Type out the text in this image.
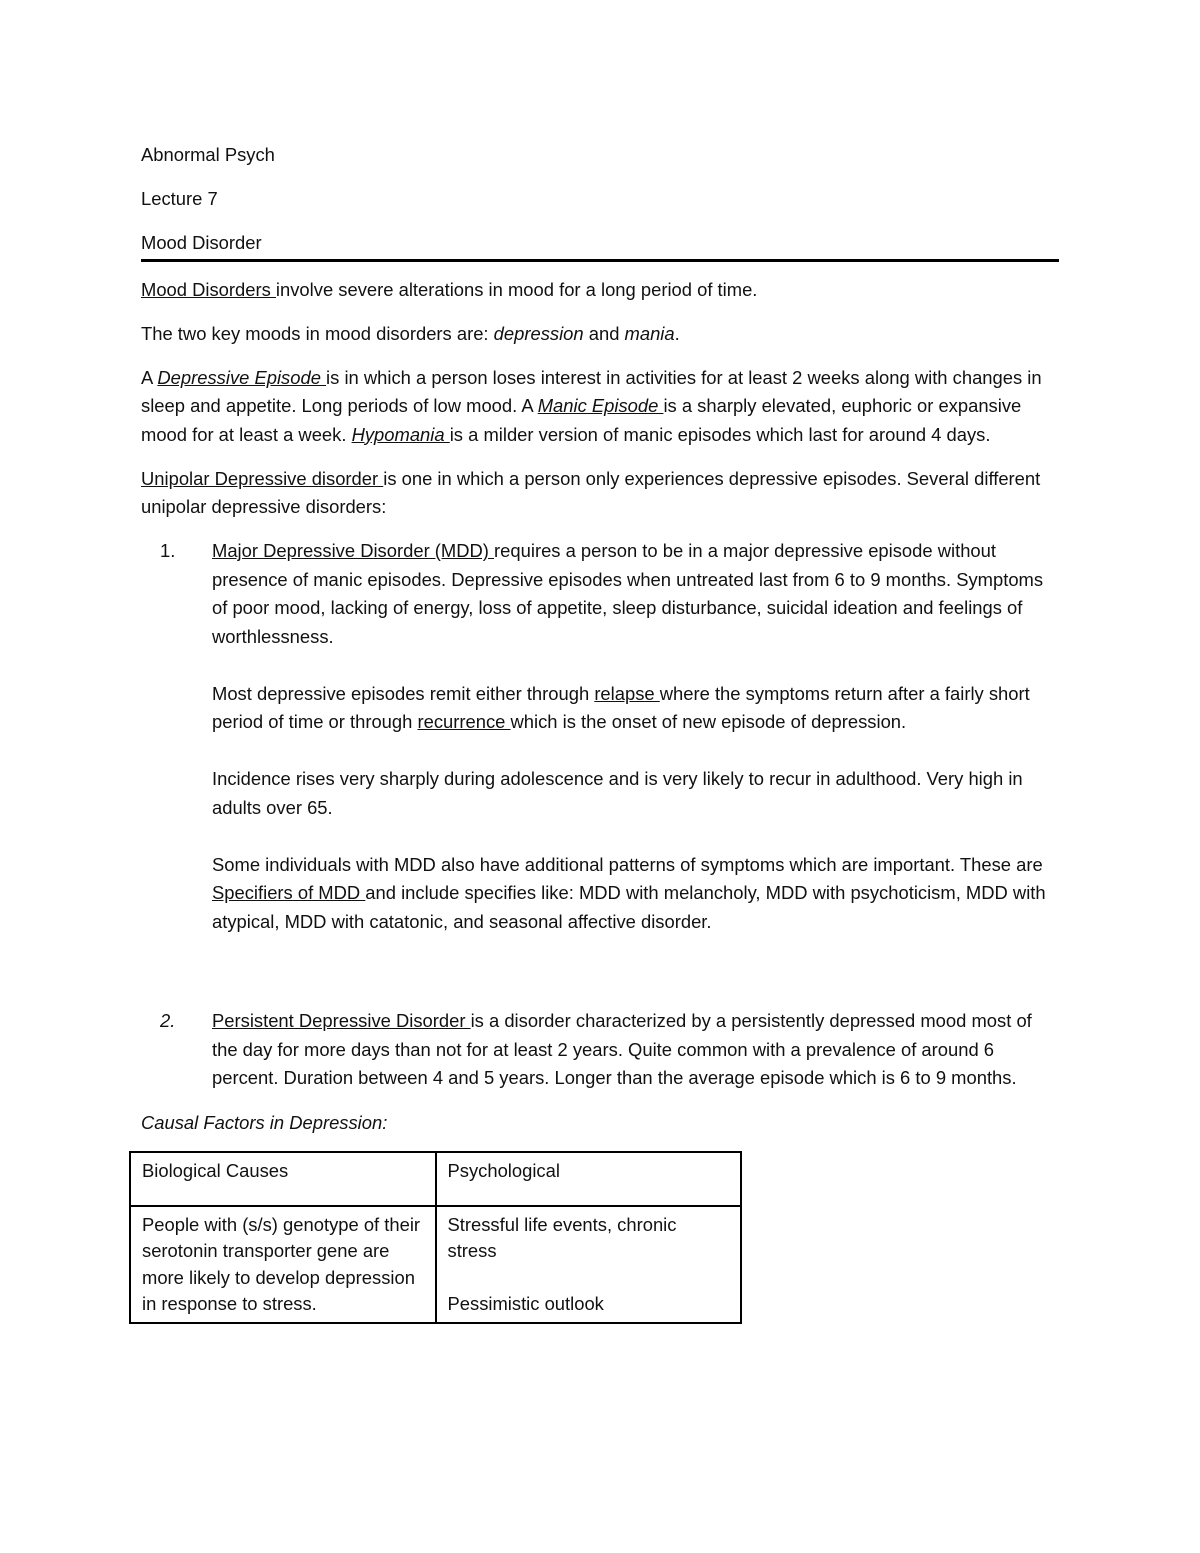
Abnormal Psych
Lecture 7
Mood Disorder

Mood Disorders involve severe alterations in mood for a long period of time.

The two key moods in mood disorders are: depression and mania.

A Depressive Episode is in which a person loses interest in activities for at least 2 weeks along with changes in sleep and appetite. Long periods of low mood. A Manic Episode is a sharply elevated, euphoric or expansive mood for at least a week. Hypomania is a milder version of manic episodes which last for around 4 days.

Unipolar Depressive disorder is one in which a person only experiences depressive episodes. Several different unipolar depressive disorders:

1. Major Depressive Disorder (MDD) requires a person to be in a major depressive episode without presence of manic episodes. Depressive episodes when untreated last from 6 to 9 months. Symptoms of poor mood, lacking of energy, loss of appetite, sleep disturbance, suicidal ideation and feelings of worthlessness.

Most depressive episodes remit either through relapse where the symptoms return after a fairly short period of time or through recurrence which is the onset of new episode of depression.

Incidence rises very sharply during adolescence and is very likely to recur in adulthood. Very high in adults over 65.

Some individuals with MDD also have additional patterns of symptoms which are important. These are Specifiers of MDD and include specifies like: MDD with melancholy, MDD with psychoticism, MDD with atypical, MDD with catatonic, and seasonal affective disorder.

2. Persistent Depressive Disorder is a disorder characterized by a persistently depressed mood most of the day for more days than not for at least 2 years. Quite common with a prevalence of around 6 percent. Duration between 4 and 5 years. Longer than the average episode which is 6 to 9 months.

Causal Factors in Depression:

Biological Causes	Psychological
People with (s/s) genotype of their serotonin transporter gene are more likely to develop depression in response to stress.	Stressful life events, chronic stress
Pessimistic outlook
